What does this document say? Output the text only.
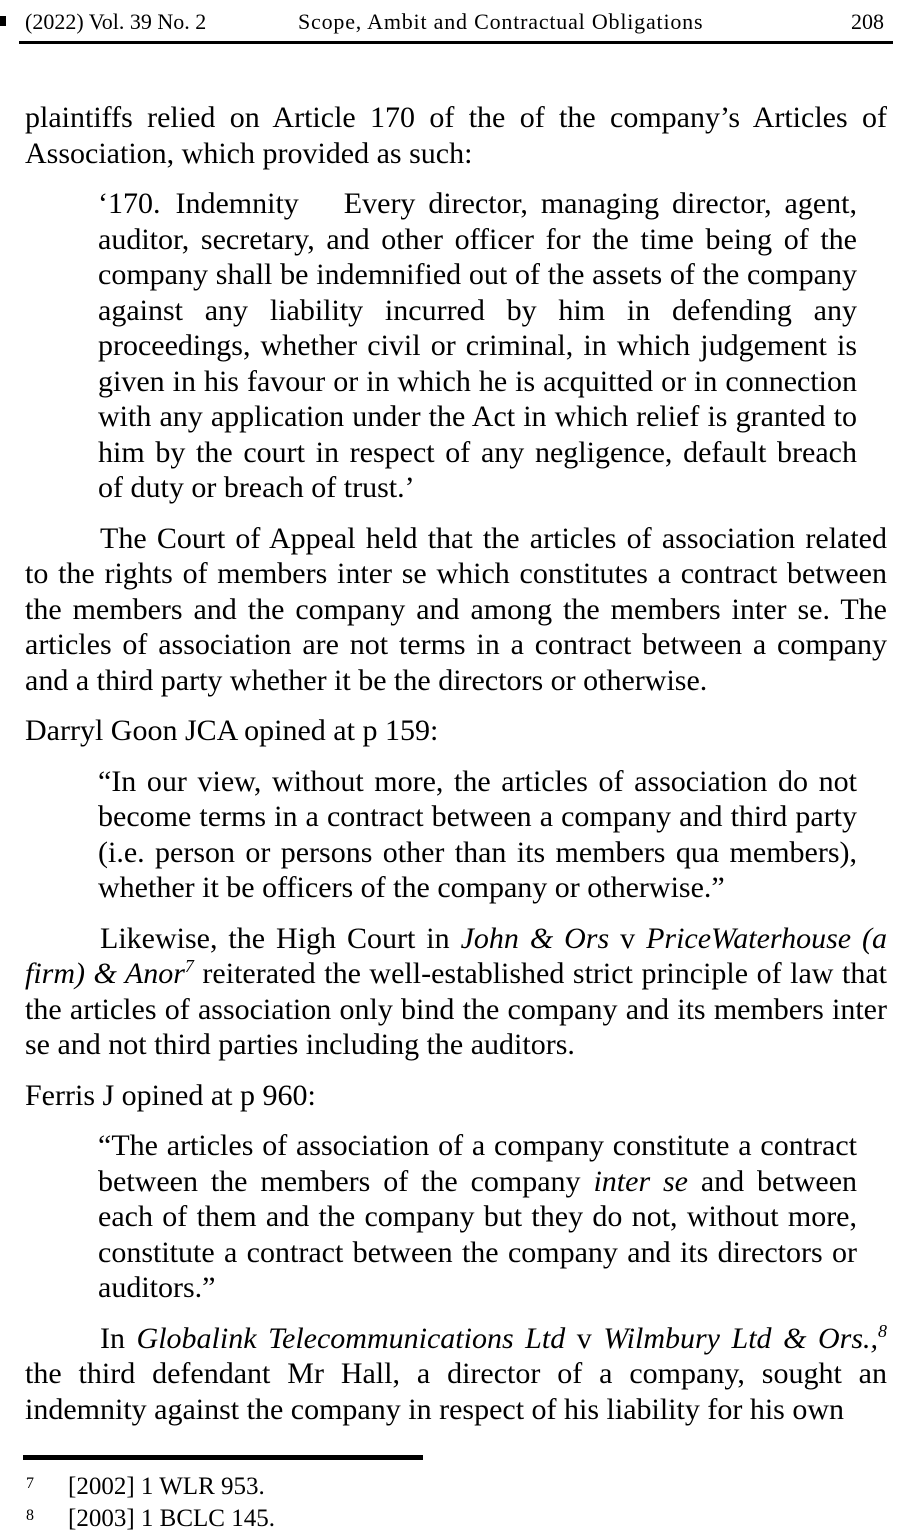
(2022) Vol. 39 No. 2	Scope, Ambit and Contractual Obligations	208

plaintiffs relied on Article 170 of the of the company’s Articles of Association, which provided as such:

‘170. Indemnity  Every director, managing director, agent, auditor, secretary, and other officer for the time being of the company shall be indemnified out of the assets of the company against any liability incurred by him in defending any proceedings, whether civil or criminal, in which judgement is given in his favour or in which he is acquitted or in connection with any application under the Act in which relief is granted to him by the court in respect of any negligence, default breach of duty or breach of trust.’

The Court of Appeal held that the articles of association related to the rights of members inter se which constitutes a contract between the members and the company and among the members inter se. The articles of association are not terms in a contract between a company and a third party whether it be the directors or otherwise.

Darryl Goon JCA opined at p 159:

“In our view, without more, the articles of association do not become terms in a contract between a company and third party (i.e. person or persons other than its members qua members), whether it be officers of the company or otherwise.”

Likewise, the High Court in John & Ors v PriceWaterhouse (a firm) & Anor$^7$ reiterated the well-established strict principle of law that the articles of association only bind the company and its members inter se and not third parties including the auditors.

Ferris J opined at p 960:

“The articles of association of a company constitute a contract between the members of the company inter se and between each of them and the company but they do not, without more, constitute a contract between the company and its directors or auditors.”

In Globalink Telecommunications Ltd v Wilmbury Ltd & Ors.,$^8$ the third defendant Mr Hall, a director of a company, sought an indemnity against the company in respect of his liability for his own

7 [2002] 1 WLR 953.
8 [2003] 1 BCLC 145.
